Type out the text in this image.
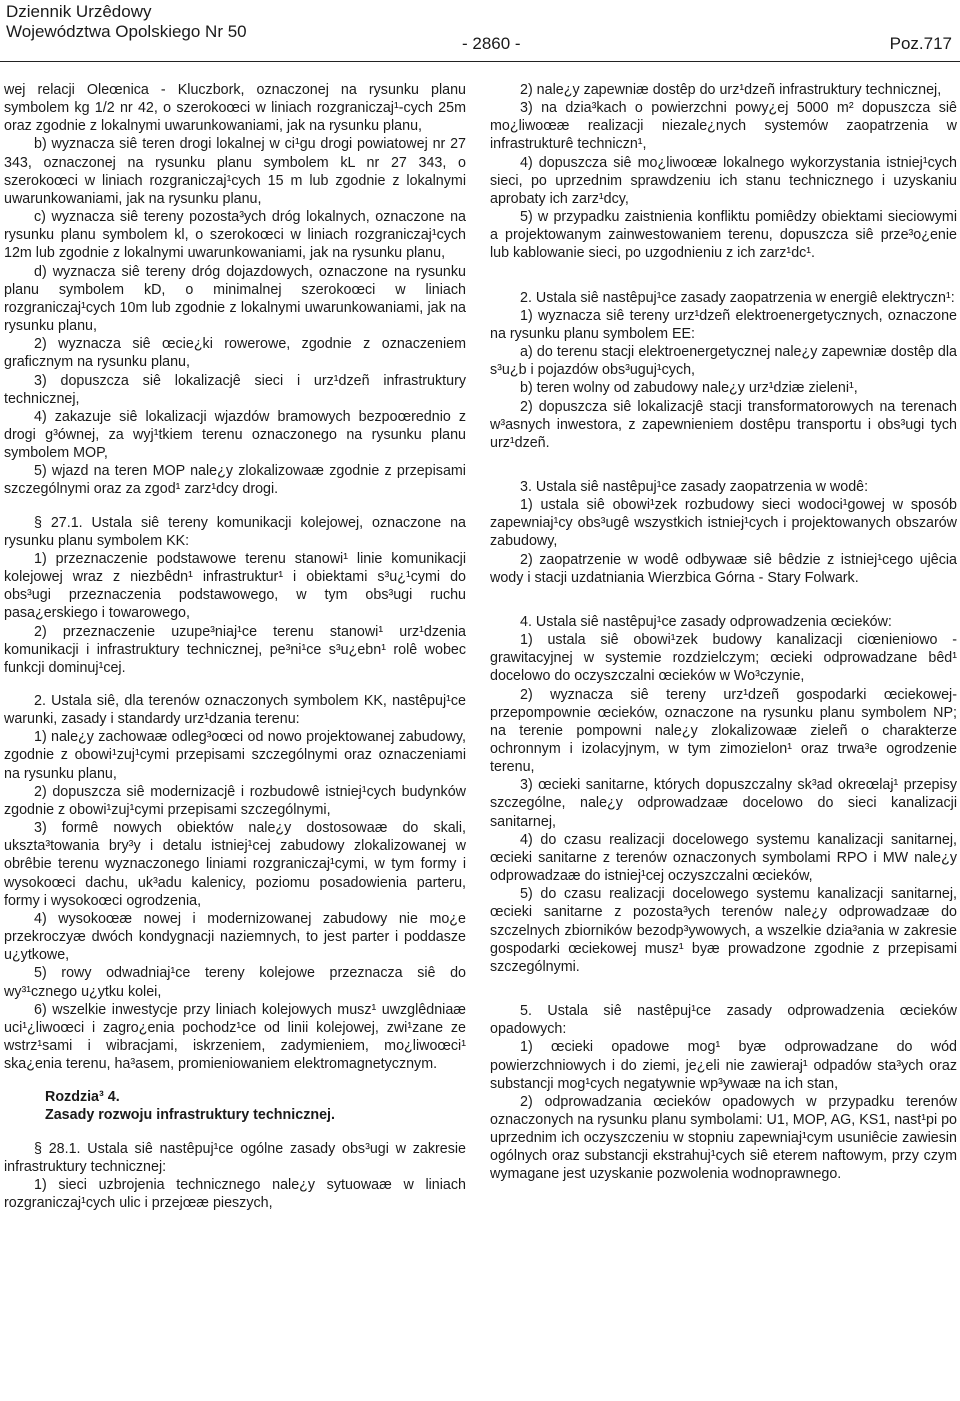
Dziennik Urzêdowy
Województwa Opolskiego Nr 50
- 2860 -	Poz.717

wej relacji Oleœnica - Kluczbork, oznaczonej na rysunku planu symbolem kg 1/2 nr 42, o szerokoœci w liniach rozgraniczaj¹-cych 25m oraz zgodnie z lokalnymi uwarunkowaniami, jak na rysunku planu,

b) wyznacza siê teren drogi lokalnej w ci¹gu drogi powiatowej nr 27 343, oznaczonej na rysunku planu symbolem kL nr 27 343, o szerokoœci w liniach rozgraniczaj¹cych 15 m lub zgodnie z lokalnymi uwarunkowaniami, jak na rysunku planu,

c) wyznacza siê tereny pozosta³ych dróg lokalnych, oznaczone na rysunku planu symbolem kl, o szerokoœci w liniach rozgraniczaj¹cych 12m lub zgodnie z lokalnymi uwarunkowaniami, jak na rysunku planu,

d) wyznacza siê tereny dróg dojazdowych, oznaczone na rysunku planu symbolem kD, o minimalnej szerokoœci w liniach rozgraniczaj¹cych 10m lub zgodnie z lokalnymi uwarunkowaniami, jak na rysunku planu,

2) wyznacza siê œcie¿ki rowerowe, zgodnie z oznaczeniem graficznym na rysunku planu,

3) dopuszcza siê lokalizacjê sieci i urz¹dzeñ infrastruktury technicznej,

4) zakazuje siê lokalizacji wjazdów bramowych bezpoœrednio z drogi g³ównej, za wyj¹tkiem terenu oznaczonego na rysunku planu symbolem MOP,

5) wjazd na teren MOP nale¿y zlokalizowaæ zgodnie z przepisami szczególnymi oraz za zgod¹ zarz¹dcy drogi.

§ 27.1. Ustala siê tereny komunikacji kolejowej, oznaczone na rysunku planu symbolem KK:

1) przeznaczenie podstawowe terenu stanowi¹ linie komunikacji kolejowej wraz z niezbêdn¹ infrastruktur¹ i obiektami s³u¿¹cymi do obs³ugi przeznaczenia podstawowego, w tym obs³ugi ruchu pasa¿erskiego i towarowego,

2) przeznaczenie uzupe³niaj¹ce terenu stanowi¹ urz¹dzenia komunikacji i infrastruktury technicznej, pe³ni¹ce s³u¿ebn¹ rolê wobec funkcji dominuj¹cej.

2. Ustala siê, dla terenów oznaczonych symbolem KK, nastêpuj¹ce warunki, zasady i standardy urz¹dzania terenu:

1) nale¿y zachowaæ odleg³oœci od nowo projektowanej zabudowy, zgodnie z obowi¹zuj¹cymi przepisami szczególnymi oraz oznaczeniami na rysunku planu,

2) dopuszcza siê modernizacjê i rozbudowê istniej¹cych budynków zgodnie z obowi¹zuj¹cymi przepisami szczególnymi,

3) formê nowych obiektów nale¿y dostosowaæ do skali, ukszta³towania bry³y i detalu istniej¹cej zabudowy zlokalizowanej w obrêbie terenu wyznaczonego liniami rozgraniczaj¹cymi, w tym formy i wysokoœci dachu, uk³adu kalenicy, poziomu posadowienia parteru, formy i wysokoœci ogrodzenia,

4) wysokoœæ nowej i modernizowanej zabudowy nie mo¿e przekroczyæ dwóch kondygnacji naziemnych, to jest parter i poddasze u¿ytkowe,

5) rowy odwadniaj¹ce tereny kolejowe przeznacza siê do wy³¹cznego u¿ytku kolei,

6) wszelkie inwestycje przy liniach kolejowych musz¹ uwzglêdniaæ uci¹¿liwoœci i zagro¿enia pochodz¹ce od linii kolejowej, zwi¹zane ze wstrz¹sami i wibracjami, iskrzeniem, zadymieniem, mo¿liwoœci¹ ska¿enia terenu, ha³asem, promieniowaniem elektromagnetycznym.

Rozdzia³ 4.

Zasady rozwoju infrastruktury technicznej.

§ 28.1. Ustala siê nastêpuj¹ce ogólne zasady obs³ugi w zakresie infrastruktury technicznej:

1) sieci uzbrojenia technicznego nale¿y sytuowaæ w liniach rozgraniczaj¹cych ulic i przejœæ pieszych,

2) nale¿y zapewniæ dostêp do urz¹dzeñ infrastruktury technicznej,

3) na dzia³kach o powierzchni powy¿ej 5000 m² dopuszcza siê mo¿liwoœæ realizacji niezale¿nych systemów zaopatrzenia w infrastrukturê techniczn¹,

4) dopuszcza siê mo¿liwoœæ lokalnego wykorzystania istniej¹cych sieci, po uprzednim sprawdzeniu ich stanu technicznego i uzyskaniu aprobaty ich zarz¹dcy,

5) w przypadku zaistnienia konfliktu pomiêdzy obiektami sieciowymi a projektowanym zainwestowaniem terenu, dopuszcza siê prze³o¿enie lub kablowanie sieci, po uzgodnieniu z ich zarz¹dc¹.

2. Ustala siê nastêpuj¹ce zasady zaopatrzenia w energiê elektryczn¹:

1) wyznacza siê tereny urz¹dzeñ elektroenergetycznych, oznaczone na rysunku planu symbolem EE:

a) do terenu stacji elektroenergetycznej nale¿y zapewniæ dostêp dla s³u¿b i pojazdów obs³uguj¹cych,

b) teren wolny od zabudowy nale¿y urz¹dziæ zieleni¹,

2) dopuszcza siê lokalizacjê stacji transformatorowych na terenach w³asnych inwestora, z zapewnieniem dostêpu transportu i obs³ugi tych urz¹dzeñ.

3. Ustala siê nastêpuj¹ce zasady zaopatrzenia w wodê:

1) ustala siê obowi¹zek rozbudowy sieci wodoci¹gowej w sposób zapewniaj¹cy obs³ugê wszystkich istniej¹cych i projektowanych obszarów zabudowy,

2) zaopatrzenie w wodê odbywaæ siê bêdzie z istniej¹cego ujêcia wody i stacji uzdatniania Wierzbica Górna - Stary Folwark.

4. Ustala siê nastêpuj¹ce zasady odprowadzenia œcieków:

1) ustala siê obowi¹zek budowy kanalizacji ciœnieniowo - grawitacyjnej w systemie rozdzielczym; œcieki odprowadzane bêd¹ docelowo do oczyszczalni œcieków w Wo³czynie,

2) wyznacza siê tereny urz¹dzeñ gospodarki œciekowej-przepompownie œcieków, oznaczone na rysunku planu symbolem NP; na terenie pompowni nale¿y zlokalizowaæ zieleñ o charakterze ochronnym i izolacyjnym, w tym zimozielon¹ oraz trwa³e ogrodzenie terenu,

3) œcieki sanitarne, których dopuszczalny sk³ad okreœlaj¹ przepisy szczególne, nale¿y odprowadzaæ docelowo do sieci kanalizacji sanitarnej,

4) do czasu realizacji docelowego systemu kanalizacji sanitarnej, œcieki sanitarne z terenów oznaczonych symbolami RPO i MW nale¿y odprowadzaæ do istniej¹cej oczyszczalni œcieków,

5) do czasu realizacji docelowego systemu kanalizacji sanitarnej, œcieki sanitarne z pozosta³ych terenów nale¿y odprowadzaæ do szczelnych zbiorników bezodp³ywowych, a wszelkie dzia³ania w zakresie gospodarki œciekowej musz¹ byæ prowadzone zgodnie z przepisami szczególnymi.

5. Ustala siê nastêpuj¹ce zasady odprowadzenia œcieków opadowych:

1) œcieki opadowe mog¹ byæ odprowadzane do wód powierzchniowych i do ziemi, je¿eli nie zawieraj¹ odpadów sta³ych oraz substancji mog¹cych negatywnie wp³ywaæ na ich stan,

2) odprowadzania œcieków opadowych w przypadku terenów oznaczonych na rysunku planu symbolami: U1, MOP, AG, KS1, nast¹pi po uprzednim ich oczyszczeniu w stopniu zapewniaj¹cym usuniêcie zawiesin ogólnych oraz substancji ekstrahuj¹cych siê eterem naftowym, przy czym wymagane jest uzyskanie pozwolenia wodnoprawnego.
